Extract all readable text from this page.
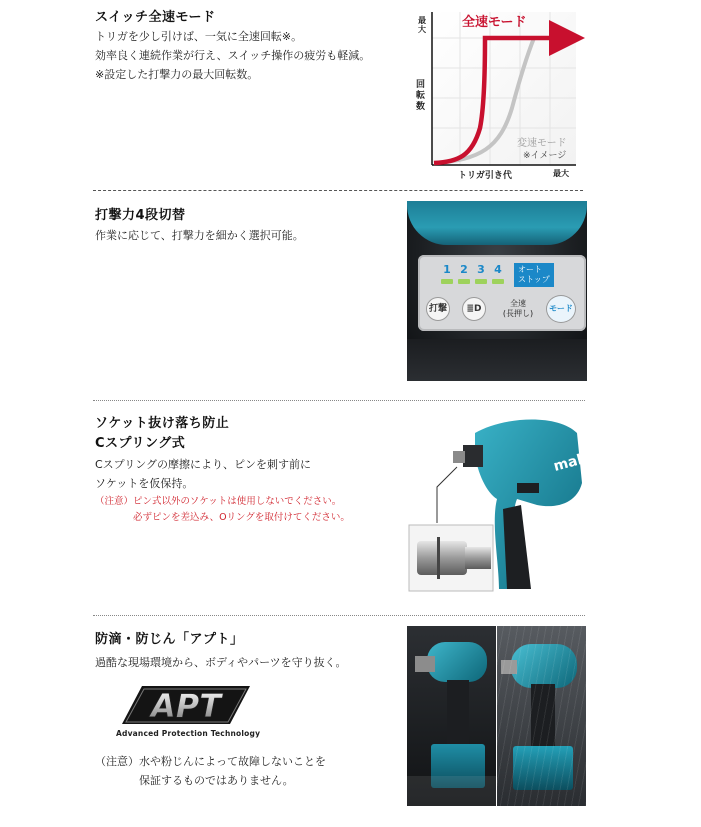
スイッチ全速モード
トリガを少し引けば、一気に全速回転※。
効率良く連続作業が行え、スイッチ操作の疲労も軽減。
※設定した打撃力の最大回転数。
全速モード
変速モード
※イメージ
最
大
回
転
数
トリガ引き代	最大
打撃力4段切替
作業に応じて、打撃力を細かく選択可能。
1 2 3 4	オート
ストップ
打撃	≣D
全速
(長押し)
モード
ソケット抜け落ち防止
Cスプリング式
Cスプリングの摩擦により、ピンを刺す前に
ソケットを仮保持。
（注意）ピン式以外のソケットは使用しないでください。
　　　　必ずピンを差込み、Oリングを取付けてください。
makita
防滴・防じん「アプト」
過酷な現場環境から、ボディやパーツを守り抜く。
APT
Advanced Protection Technology
（注意）水や粉じんによって故障しないことを
　　　　保証するものではありません。
